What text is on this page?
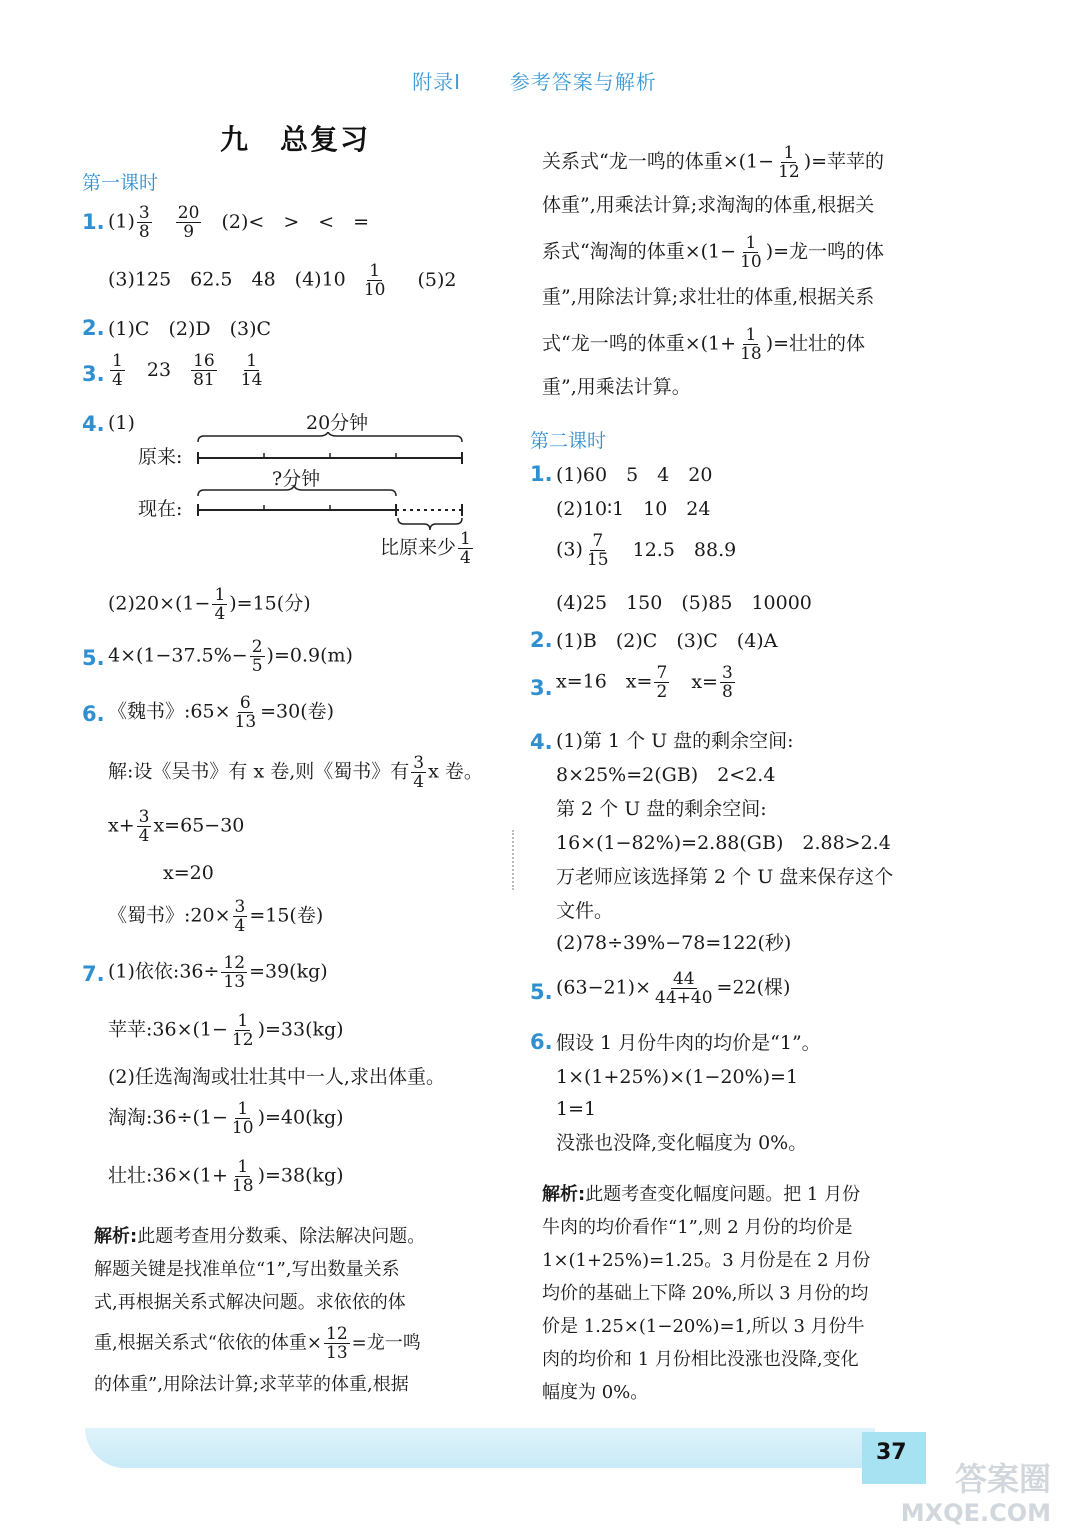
附录Ⅰ 参考答案与解析
九　总复习
第一课时
1. $(1) \frac{3}{8}$
$\frac{20}{9} (2)<$　>　<　=
(3)125　62.5　48　$(4)10 \frac{1}{10} (5)2$
2. (1)C　(2)D　(3)C
3. $\frac{1}{4} 23 \frac{16}{81}$
$\frac{1}{14}$
4. (1)	20分钟
原来:
?分钟
现在:
比原来少 $\frac{1}{4}$
$(2)20\times(1- \frac{1}{4} )=15$(分)
5. $4\times(1-37.5\%- \frac{2}{5} )=0.9(m)$
6. 《魏书》:65× $\frac{6}{13} =30$(卷)
解:设《吴书》有 x 卷,则《蜀书》有 $\frac{3}{4}$ x 卷。
$x+ \frac{3}{4} x=65-30$
x=20
《蜀书》:20× $\frac{3}{4} =15$(卷)
7. (1)依依:36÷ $\frac{12}{13} =39(kg)$
苹苹:36×(1− $\frac{1}{12} )=33(kg)$
(2)任选淘淘或壮壮其中一人,求出体重。
淘淘:36÷(1− $\frac{1}{10} )=40(kg)$
壮壮:36×(1+ $\frac{1}{18} )=38(kg)$
解析:此题考查用分数乘、除法解决问题。
解题关键是找准单位“1”,写出数量关系
式,再根据关系式解决问题。求依依的体
重,根据关系式“依依的体重× $\frac{12}{13}$ =龙一鸣
的体重”,用除法计算;求苹苹的体重,根据
关系式“龙一鸣的体重$\times(1- \frac{1}{12}$ )=苹苹的
体重”,用乘法计算;求淘淘的体重,根据关
系式“淘淘的体重$\times(1- \frac{1}{10}$ )=龙一鸣的体
重”,用除法计算;求壮壮的体重,根据关系
式“龙一鸣的体重$\times(1+ \frac{1}{18}$ )=壮壮的体
重”,用乘法计算。
第二课时
1. (1)60　5　4　20
(2)10∶1　10　24
$(3) \frac{7}{15} 12.5$　88.9
(4)25　150　(5)85　10000
2. (1)B　(2)C　(3)C　(4)A
3. x=16　$x= \frac{7}{2} x= \frac{3}{8}$
4. (1)第 1 个 U 盘的剩余空间:
8×25%=2(GB)　2<2.4
第 2 个 U 盘的剩余空间:
16×(1−82%)=2.88(GB)　2.88>2.4
万老师应该选择第 2 个 U 盘来保存这个
文件。
(2)78÷39%−78=122(秒)
5. $(63-21)\times \frac{44}{44+40} =22$(棵)
6. 假设 1 月份牛肉的均价是“1”。
1×(1+25%)×(1−20%)=1
1=1
没涨也没降,变化幅度为 0%。
解析:此题考查变化幅度问题。把 1 月份
牛肉的均价看作“1”,则 2 月份的均价是
1×(1+25%)=1.25。3 月份是在 2 月份
均价的基础上下降 20%,所以 3 月份的均
价是 1.25×(1−20%)=1,所以 3 月份牛
肉的均价和 1 月份相比没涨也没降,变化
幅度为 0%。
37
答案圈
MXQE.COM
